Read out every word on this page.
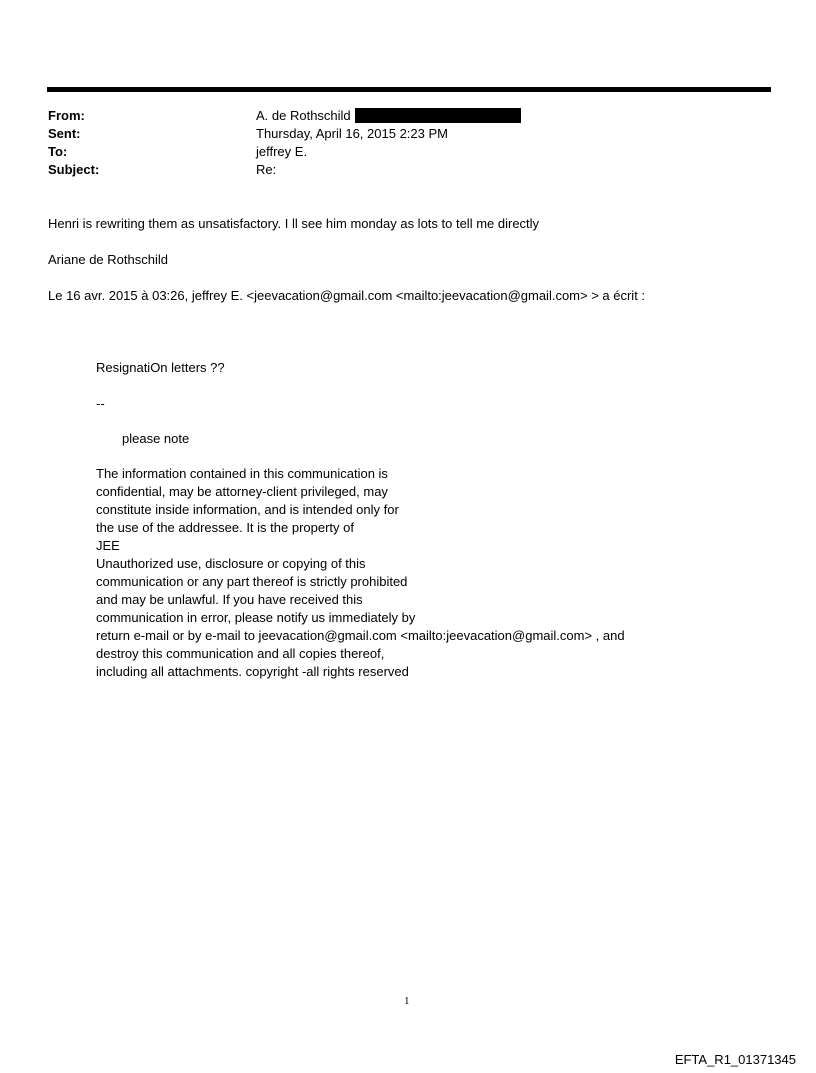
From:	A. de Rothschild
Sent:	Thursday, April 16, 2015 2:23 PM
To:	jeffrey E.
Subject:	Re:
Henri is rewriting them as unsatisfactory. I ll see him monday as lots to tell me directly
Ariane de Rothschild
Le 16 avr. 2015 à 03:26, jeffrey E. <jeevacation@gmail.com <mailto:jeevacation@gmail.com> > a écrit :
ResignatiOn letters ??
--
please note
The information contained in this communication is
confidential, may be attorney-client privileged, may
constitute inside information, and is intended only for
the use of the addressee. It is the property of
JEE
Unauthorized use, disclosure or copying of this
communication or any part thereof is strictly prohibited
and may be unlawful. If you have received this
communication in error, please notify us immediately by
return e-mail or by e-mail to jeevacation@gmail.com <mailto:jeevacation@gmail.com> , and
destroy this communication and all copies thereof,
including all attachments. copyright -all rights reserved
1
EFTA_R1_01371345
